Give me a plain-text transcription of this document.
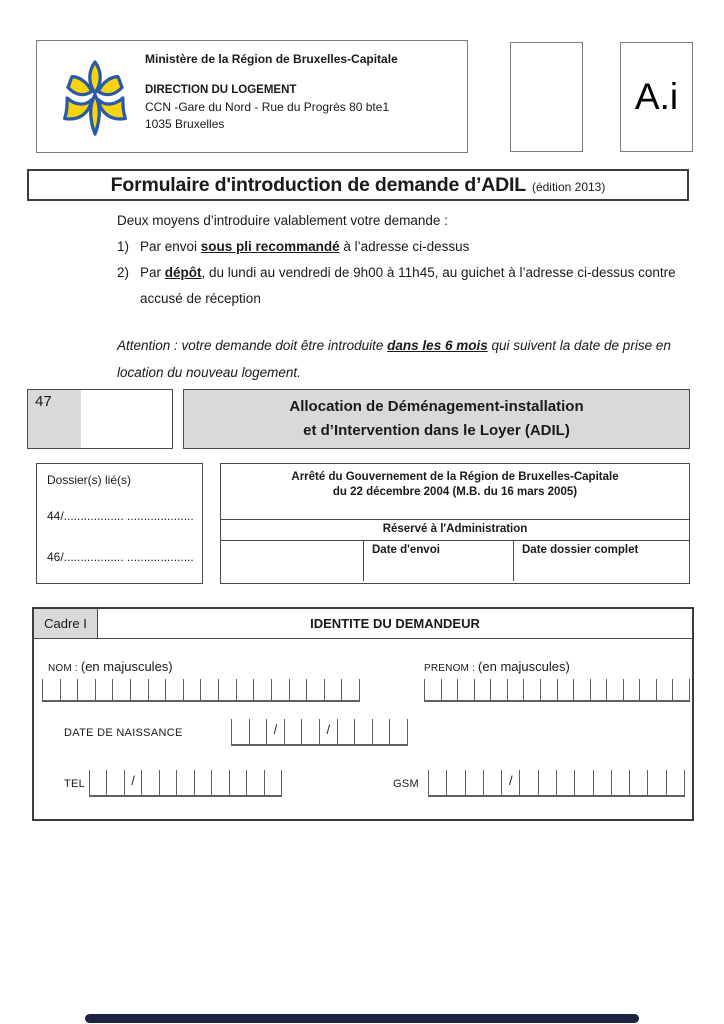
Ministère de la Région de Bruxelles-Capitale
DIRECTION DU LOGEMENT
CCN -Gare du Nord - Rue du Progrès 80 bte1
1035 Bruxelles
A.i
Formulaire d'introduction de demande d’ADIL (édition 2013)
Deux moyens d’introduire valablement votre demande :
1) Par envoi sous pli recommandé à l’adresse ci-dessus
2) Par dépôt, du lundi au vendredi de 9h00 à 11h45, au guichet à l’adresse ci-dessus contre accusé de réception
Attention : votre demande doit être introduite dans les 6 mois qui suivent la date de prise en location du nouveau logement.
47	Allocation de Déménagement-installation
et d’Intervention dans le Loyer (ADIL)
Dossier(s) lié(s)
44/.................. ....................
46/.................. ....................
Arrêté du Gouvernement de la Région de Bruxelles-Capitale
du 22 décembre 2004 (M.B. du 16 mars 2005)
Réservé à l'Administration
Date d'envoi	Date dossier complet
Cadre I	IDENTITE DU DEMANDEUR
NOM : (en majuscules)	PRENOM : (en majuscules)
DATE DE NAISSANCE	/	/
TEL	/	GSM	/
